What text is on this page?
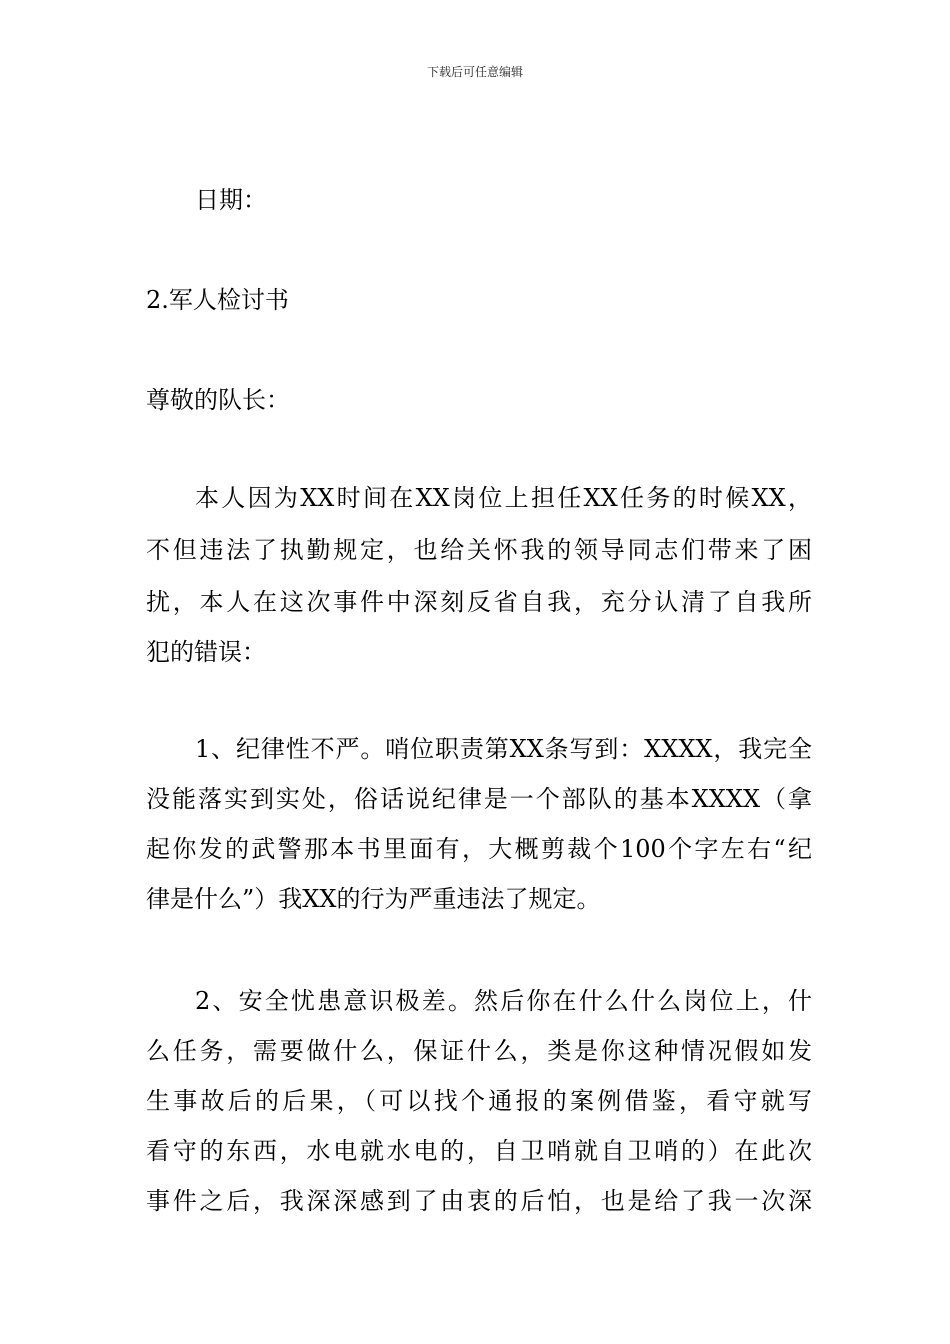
下载后可任意编辑
日期：
2.军人检讨书
尊敬的队长：
本人因为XX时间在XX岗位上担任XX任务的时候XX，
不但违法了执勤规定，也给关怀我的领导同志们带来了困
扰，本人在这次事件中深刻反省自我，充分认清了自我所
犯的错误：
1、纪律性不严。哨位职责第XX条写到：XXXX，我完全
没能落实到实处，俗话说纪律是一个部队的基本XXXX（拿
起你发的武警那本书里面有，大概剪裁个100个字左右“纪
律是什么”）我XX的行为严重违法了规定。
2、安全忧患意识极差。然后你在什么什么岗位上，什
么任务，需要做什么，保证什么，类是你这种情况假如发
生事故后的后果，（可以找个通报的案例借鉴，看守就写
看守的东西，水电就水电的，自卫哨就自卫哨的）在此次
事件之后，我深深感到了由衷的后怕，也是给了我一次深
